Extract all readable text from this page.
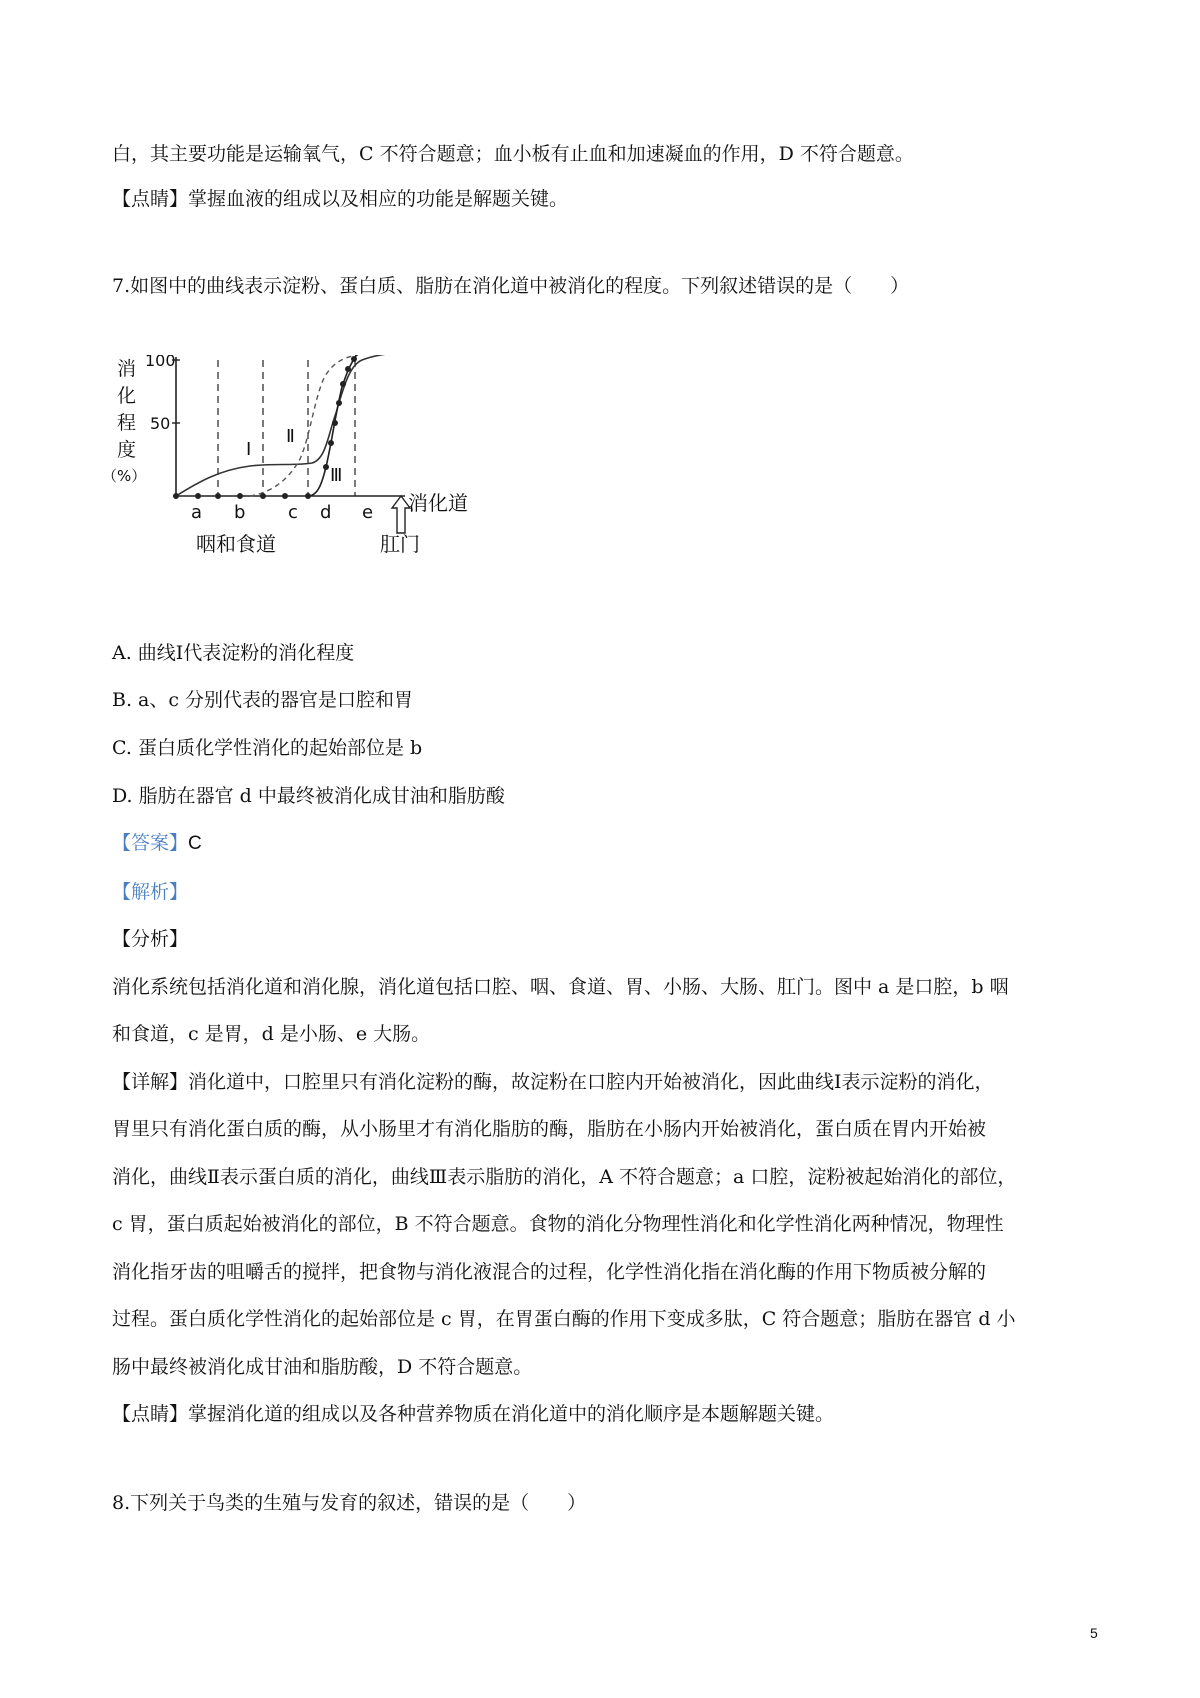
白，其主要功能是运输氧气，C 不符合题意；血小板有止血和加速凝血的作用，D 不符合题意。
【点睛】掌握血液的组成以及相应的功能是解题关键。
7.如图中的曲线表示淀粉、蛋白质、脂肪在消化道中被消化的程度。下列叙述错误的是（　　）
消
化
程
度
（%）
100
50
Ⅰ
Ⅱ
Ⅲ
a b c d e 消化道
咽和食道	肛门
A. 曲线Ⅰ代表淀粉的消化程度
B. a、c 分别代表的器官是口腔和胃
C. 蛋白质化学性消化的起始部位是 b
D. 脂肪在器官 d 中最终被消化成甘油和脂肪酸
【答案】C
【解析】
【分析】
消化系统包括消化道和消化腺，消化道包括口腔、咽、食道、胃、小肠、大肠、肛门。图中 a 是口腔，b 咽
和食道，c 是胃，d 是小肠、e 大肠。
【详解】消化道中，口腔里只有消化淀粉的酶，故淀粉在口腔内开始被消化，因此曲线Ⅰ表示淀粉的消化，
胃里只有消化蛋白质的酶，从小肠里才有消化脂肪的酶，脂肪在小肠内开始被消化，蛋白质在胃内开始被
消化，曲线Ⅱ表示蛋白质的消化，曲线Ⅲ表示脂肪的消化，A 不符合题意；a 口腔，淀粉被起始消化的部位，
c 胃，蛋白质起始被消化的部位，B 不符合题意。食物的消化分物理性消化和化学性消化两种情况，物理性
消化指牙齿的咀嚼舌的搅拌，把食物与消化液混合的过程，化学性消化指在消化酶的作用下物质被分解的
过程。蛋白质化学性消化的起始部位是 c 胃，在胃蛋白酶的作用下变成多肽，C 符合题意；脂肪在器官 d 小
肠中最终被消化成甘油和脂肪酸，D 不符合题意。
【点睛】掌握消化道的组成以及各种营养物质在消化道中的消化顺序是本题解题关键。
8.下列关于鸟类的生殖与发育的叙述，错误的是（　　）
5
